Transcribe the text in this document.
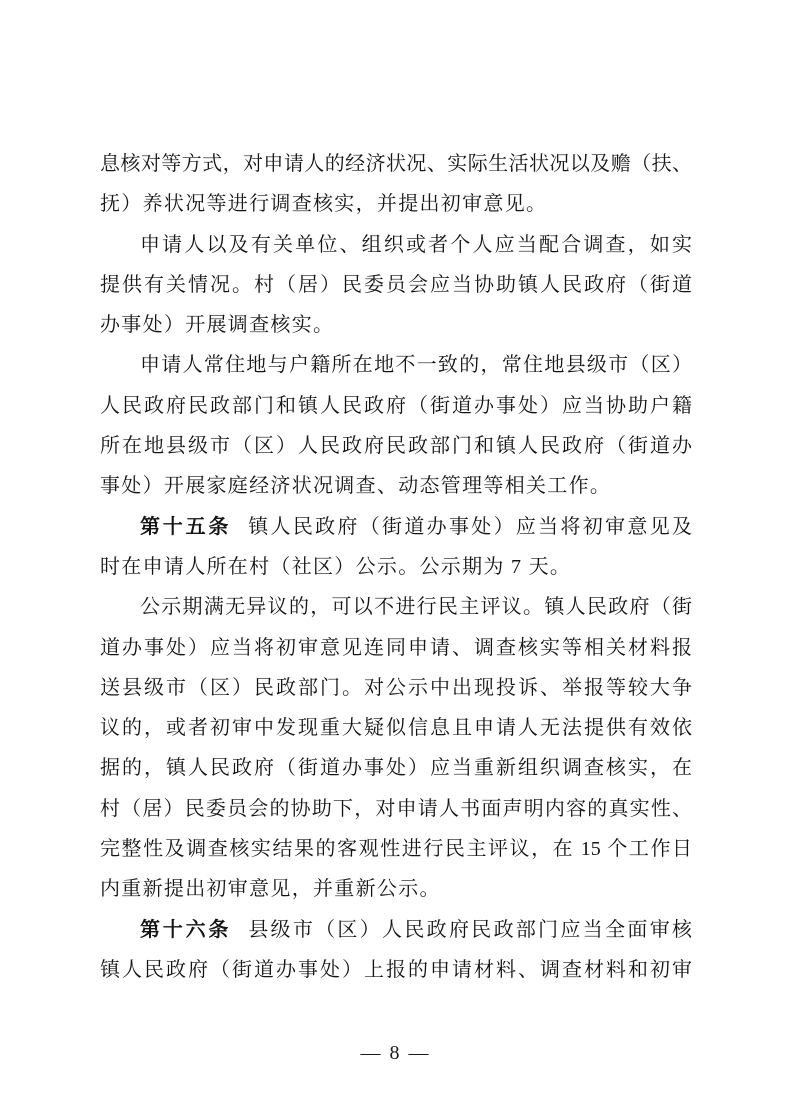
息核对等方式，对申请人的经济状况、实际生活状况以及赡（扶、
抚）养状况等进行调查核实，并提出初审意见。
申请人以及有关单位、组织或者个人应当配合调查，如实
提供有关情况。村（居）民委员会应当协助镇人民政府（街道
办事处）开展调查核实。
申请人常住地与户籍所在地不一致的，常住地县级市（区）
人民政府民政部门和镇人民政府（街道办事处）应当协助户籍
所在地县级市（区）人民政府民政部门和镇人民政府（街道办
事处）开展家庭经济状况调查、动态管理等相关工作。
第十五条 镇人民政府（街道办事处）应当将初审意见及
时在申请人所在村（社区）公示。公示期为 7 天。
公示期满无异议的，可以不进行民主评议。镇人民政府（街
道办事处）应当将初审意见连同申请、调查核实等相关材料报
送县级市（区）民政部门。对公示中出现投诉、举报等较大争
议的，或者初审中发现重大疑似信息且申请人无法提供有效依
据的，镇人民政府（街道办事处）应当重新组织调查核实，在
村（居）民委员会的协助下，对申请人书面声明内容的真实性、
完整性及调查核实结果的客观性进行民主评议，在 15 个工作日
内重新提出初审意见，并重新公示。
第十六条 县级市（区）人民政府民政部门应当全面审核
镇人民政府（街道办事处）上报的申请材料、调查材料和初审
— 8 —
